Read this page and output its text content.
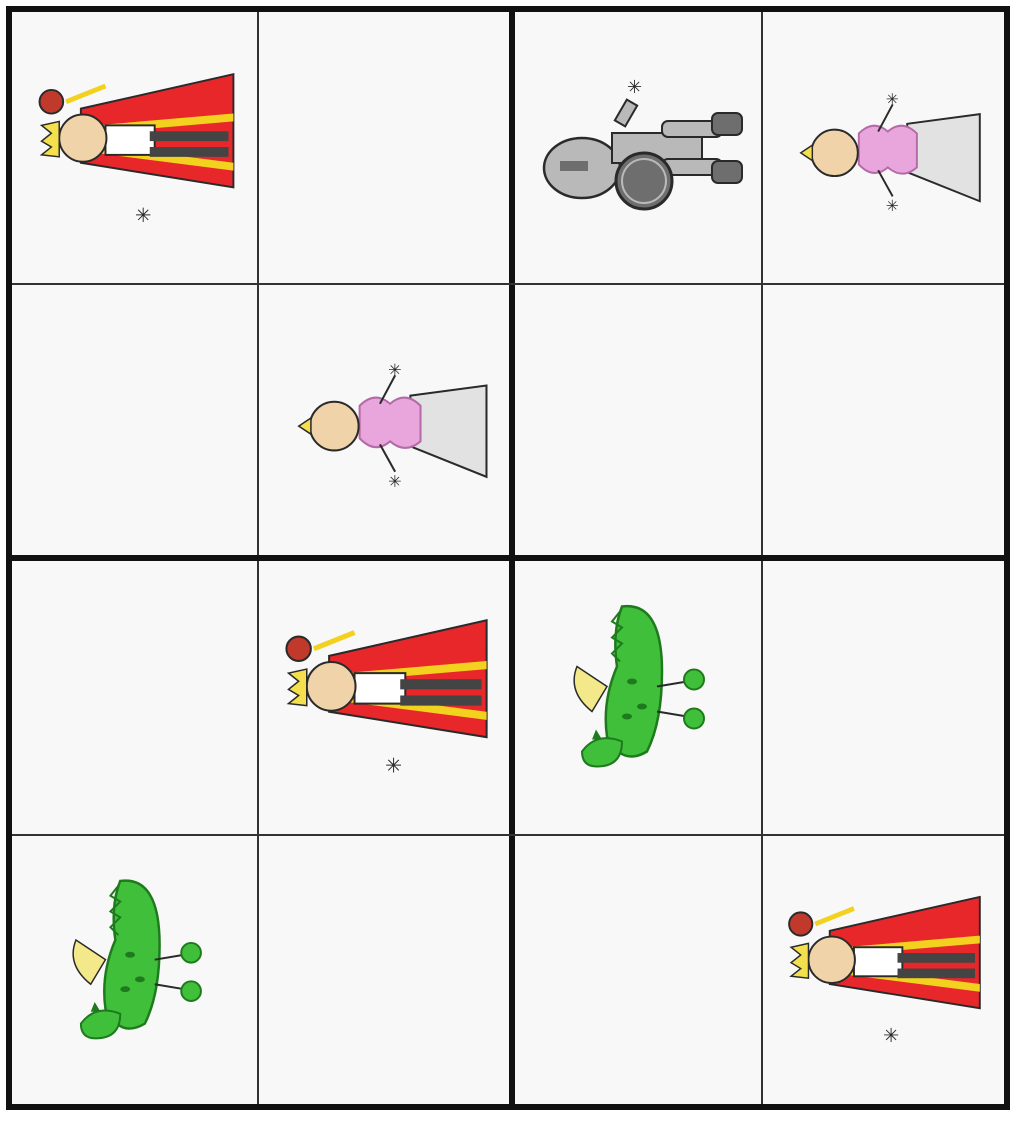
✳
✳
✳
✳
✳
✳
✳
✳
